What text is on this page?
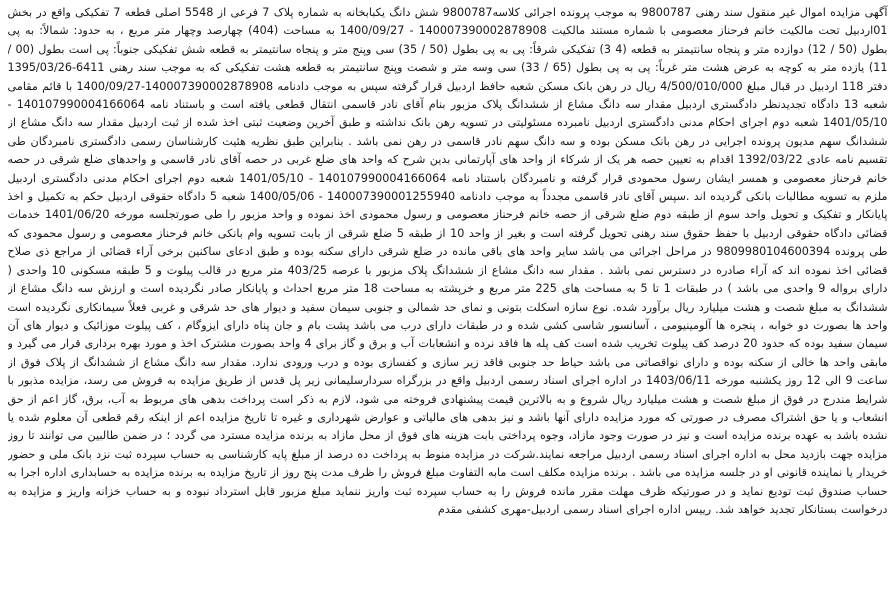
آگهی مزایده اموال غیر منقول سند رهنی 9800787 به موجب پرونده اجرائی کلاسه9800787 شش دانگ یکبابخانه به شماره پلاک 7 فرعی از 5548 اصلی قطعه 7 تفکیکی واقع در بخش 01اردبیل تحت مالکیت خانم فرحناز معصومی با شماره مستند مالکیت 140007390002878908 - 1400/09/27 به مساحت (404) چهارصد وچهار متر مربع ، به حدود: شمالاً: به پی بطول (50 / 12) دوازده متر و پنجاه سانتیمتر به قطعه (4 3) تفکیکی شرقاً: پی به پی بطول (50 / 35) سی وپنج متر و پنجاه سانتیمتر به قطعه شش تفکیکی جنوباً: پی است بطول (00 / 11) یازده متر به کوچه به عرض هشت متر غرباً: پی به پی بطول (65 / 33) سی وسه متر و شصت وپنج سانتیمتر به قطعه هشت تفکیکی که به موجب سند رهنی 6411-1395/03/26 دفتر 118 اردبیل در قبال مبلغ 4/500/010/000 ریال در رهن بانک مسکن شعبه حافظ اردبیل قرار گرفته سپس به موجب دادنامه 140007390002878908-1400/09/27 با قائم مقامی شعبه 13 دادگاه تجدیدنظر دادگستری اردبیل مقدار سه دانگ مشاع از ششدانگ پلاک مزبور بنام آقای نادر قاسمی انتقال قطعی یافته است و باستناد نامه 140107990004166064 - 1401/05/10 شعبه دوم اجرای احکام مدنی دادگستری اردبیل نامبرده مسئولیتی در تسویه رهن بانک نداشته و طبق آخرین وضعیت ثبتی اخذ شده از ثبت اردبیل مقدار سه دانگ مشاع از ششدانگ سهم مدیون پرونده اجرایی در رهن بانک مسکن بوده و سه دانگ سهم نادر قاسمی در رهن نمی باشد . بنابراین طبق نظریه هئیت کارشناسان رسمی دادگستری نامبردگان طی تقسیم نامه عادی 1392/03/22 اقدام به تعیین حصه هر یک از شرکاء از واحد های آپارتمانی بدین شرح که واحد های ضلع غربی در حصه آقای نادر قاسمی و واحدهای ضلع شرقی در حصه خانم فرحناز معصومی و همسر ایشان رسول محمودی قرار گرفته و نامبردگان باستناد نامه 140107990004166064 - 1401/05/10 شعبه دوم اجرای احکام مدنی دادگستری اردبیل ملزم به تسویه مطالبات بانکی گردیده اند .سپس آقای نادر قاسمی مجدداً به موجب دادنامه 140007390001255940 - 1400/05/06 شعبه 5 دادگاه حقوقی اردبیل حکم به تکمیل و اخذ پایانکار و تفکیک و تحویل واحد سوم از طبقه دوم ضلع شرقی از حصه خانم فرحناز معصومی و رسول محمودی اخذ نموده و واحد مزبور را طی صورتجلسه مورخه 1401/06/20 خدمات قضائی دادگاه حقوقی اردبیل با حفظ حقوق سند رهنی تحویل گرفته است و بغیر از واحد 10 از طبقه 5 ضلع شرقی از بابت تسویه وام بانکی خانم فرحناز معصومی و رسول محمودی که طی پرونده 9809980104600394 در مراحل اجرائی می باشد سایر واحد های باقی مانده در ضلع شرقی دارای سکنه بوده و طبق ادعای ساکنین برخی آراء قضائی از مراجع ذی صلاح قضائی اخذ نموده اند که آراء صادره در دسترس نمی باشد . مقدار سه دانگ مشاع از ششدانگ پلاک مزبور با عرصه 403/25 متر مربع در قالب پیلوت و 5 طبقه مسکونی 10 واحدی ( دارای برواله 9 واحدی می باشد ) در طبقات 1 تا 5 به مساحت های 225 متر مربع و خرپشته به مساحت 18 متر مربع احداث و پایانکار صادر نگردیده است و ارزش سه دانگ مشاع از ششدانگ به مبلغ شصت و هشت میلیارد ریال برآورد شده. نوع سازه اسکلت بتونی و نمای حد شمالی و جنوبی سیمان سفید و دیوار های حد شرقی و غربی فعلاً سیمانکاری نگردیده است واحد ها بصورت دو خوابه ، پنجره ها آلومینیومی ، آسانسور شاسی کشی شده و در طبقات دارای درب می باشد پشت بام و جان پناه دارای ایزوگام ، کف پیلوت موزائیک و دیوار های آن سیمان سفید بوده که حدود 20 درصد کف پیلوت تخریب شده است کف پله ها فاقد نرده و انشعابات آب و برق و گاز برای 4 واحد بصورت مشترک اخذ و مورد بهره برداری قرار می گیرد و مابقی واحد ها خالی از سکنه بوده و دارای نواقصاتی می باشد حیاط حد جنوبی فاقد زیر سازی و کفسازی بوده و درب ورودی ندارد. مقدار سه دانگ مشاع از ششدانگ از پلاک فوق از ساعت 9 الی 12 روز یکشنبه مورخه 1403/06/11 در اداره اجرای اسناد رسمی اردبیل واقع در بزرگراه سردارسلیمانی زیر پل قدس از طریق مزایده به فروش می رسد، مزایده مذبور با شرایط مندرج در فوق از مبلغ شصت و هشت میلیارد ریال شروع و به بالاترین قیمت پیشنهادی فروخته می شود، لازم به ذکر است پرداخت بدهی های مربوط به آب، برق، گاز اعم از حق انشعاب و یا حق اشتراک مصرف در صورتی که مورد مزایده دارای آنها باشد و نیز بدهی های مالیاتی و عوارض شهرداری و غیره تا تاریخ مزایده اعم از اینکه رقم قطعی آن معلوم شده یا نشده باشد به عهده برنده مزایده است و نیز در صورت وجود مازاد، وجوه پرداختی بابت هزینه های فوق از محل مازاد به برنده مزایده مسترد می گردد ؛ در ضمن طالبین می توانند تا روز مزایده جهت بازدید محل به اداره اجرای اسناد رسمی اردبیل مراجعه نمایند.شرکت در مزایده منوط به پرداخت ده درصد از مبلغ پایه کارشناسی به حساب سپرده ثبت نزد بانک ملی و حضور خریدار یا نماینده قانونی او در جلسه مزایده می باشد . برنده مزایده مکلف است مابه التفاوت مبلغ فروش را ظرف مدت پنج روز از تاریخ مزایده به برنده مزایده به حسابداری اداره اجرا به حساب صندوق ثبت تودیع نماید و در صورتیکه ظرف مهلت مقرر مانده فروش را به حساب سپرده ثبت واریز ننماید مبلغ مزبور قابل استرداد نبوده و به حساب خزانه واریز و مزایده به درخواست بستانکار تجدید خواهد شد. رییس اداره اجرای اسناد رسمی اردبیل-مهری کشفی مقدم
